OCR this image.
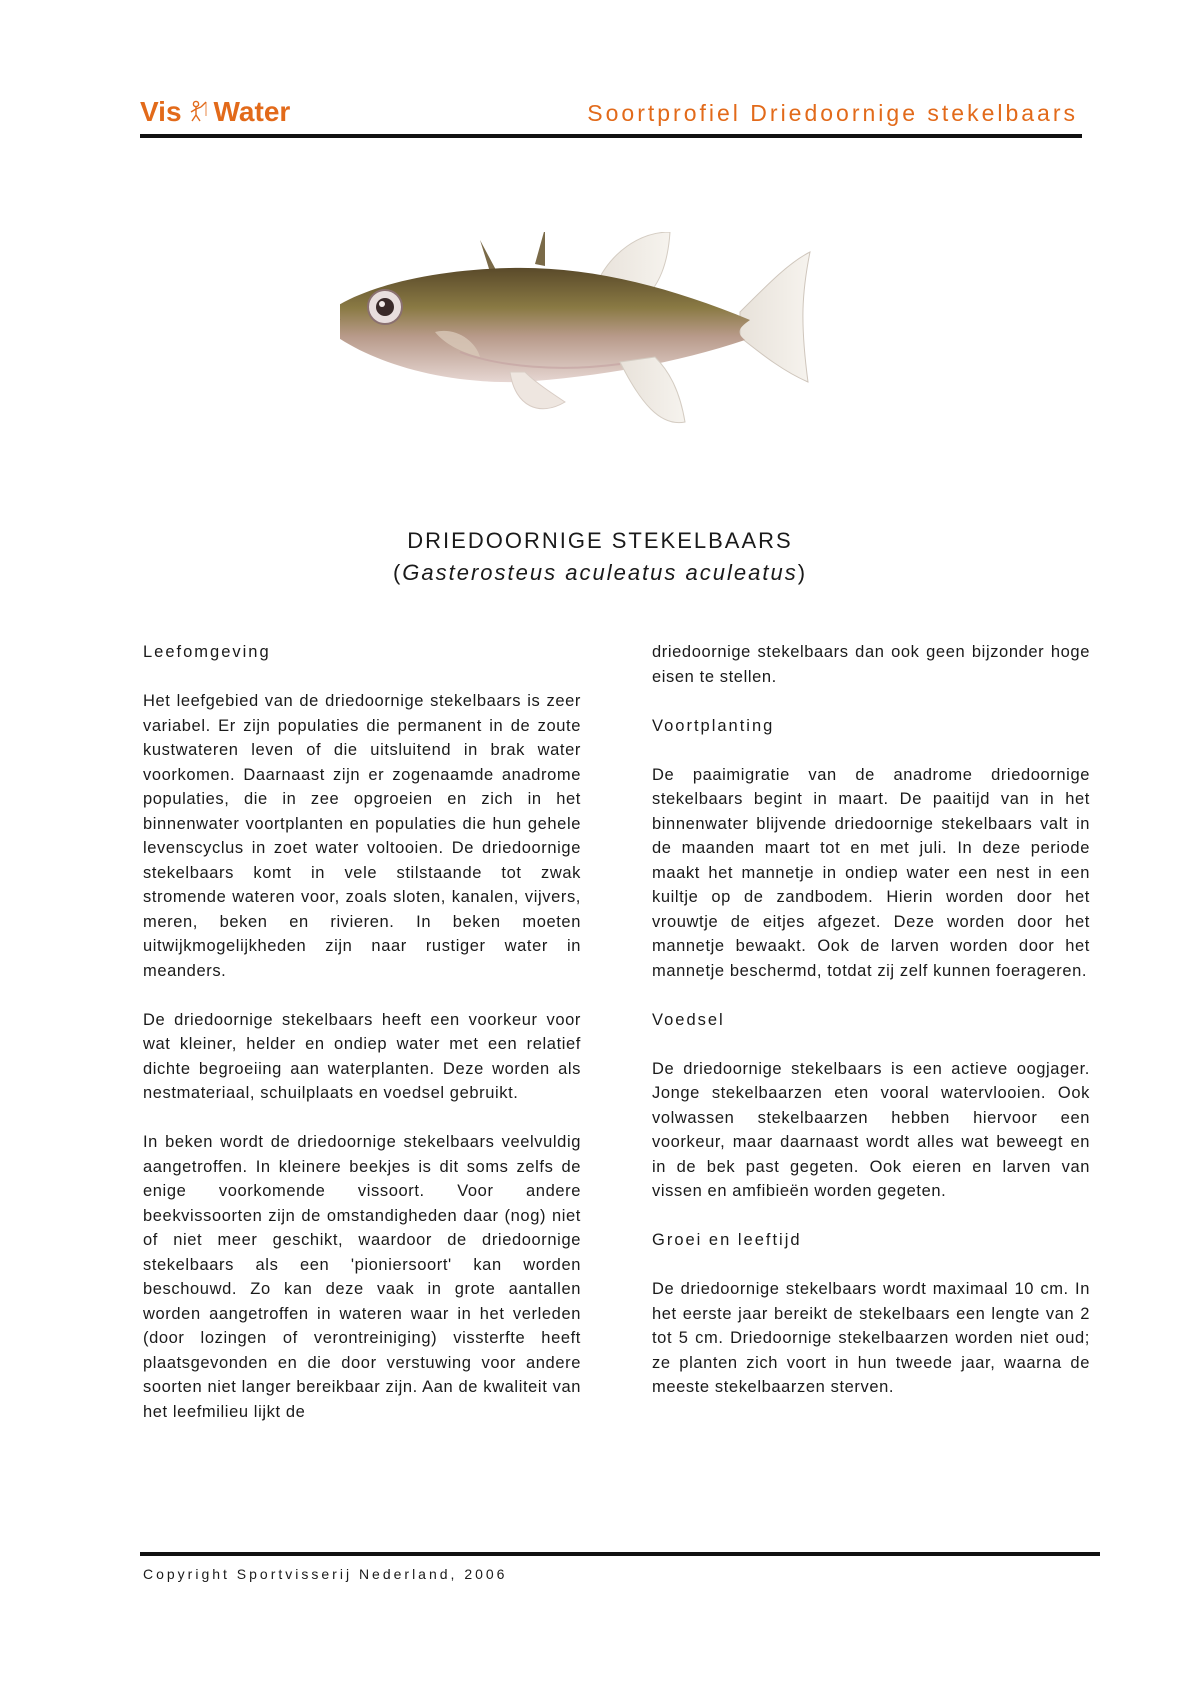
Vis Water	Soortprofiel Driedoornige stekelbaars
DRIEDOORNIGE STEKELBAARS
(Gasterosteus aculeatus aculeatus)
Leefomgeving

Het leefgebied van de driedoornige stekelbaars is zeer variabel. Er zijn populaties die permanent in de zoute kustwateren leven of die uitsluitend in brak water voorkomen. Daarnaast zijn er zogenaamde anadrome populaties, die in zee opgroeien en zich in het binnenwater voortplanten en populaties die hun gehele levenscyclus in zoet water voltooien. De driedoornige stekelbaars komt in vele stilstaande tot zwak stromende wateren voor, zoals sloten, kanalen, vijvers, meren, beken en rivieren. In beken moeten uitwijkmogelijkheden zijn naar rustiger water in meanders.

De driedoornige stekelbaars heeft een voorkeur voor wat kleiner, helder en ondiep water met een relatief dichte begroeiing aan waterplanten. Deze worden als nestmateriaal, schuilplaats en voedsel gebruikt.

In beken wordt de driedoornige stekelbaars veelvuldig aangetroffen. In kleinere beekjes is dit soms zelfs de enige voorkomende vissoort. Voor andere beekvissoorten zijn de omstandigheden daar (nog) niet of niet meer geschikt, waardoor de driedoornige stekelbaars als een 'pioniersoort' kan worden beschouwd. Zo kan deze vaak in grote aantallen worden aangetroffen in wateren waar in het verleden (door lozingen of verontreiniging) vissterfte heeft plaatsgevonden en die door verstuwing voor andere soorten niet langer bereikbaar zijn. Aan de kwaliteit van het leefmilieu lijkt de

driedoornige stekelbaars dan ook geen bijzonder hoge eisen te stellen.

Voortplanting

De paaimigratie van de anadrome driedoornige stekelbaars begint in maart. De paaitijd van in het binnenwater blijvende driedoornige stekelbaars valt in de maanden maart tot en met juli. In deze periode maakt het mannetje in ondiep water een nest in een kuiltje op de zandbodem. Hierin worden door het vrouwtje de eitjes afgezet. Deze worden door het mannetje bewaakt. Ook de larven worden door het mannetje beschermd, totdat zij zelf kunnen foerageren.

Voedsel

De driedoornige stekelbaars is een actieve oogjager. Jonge stekelbaarzen eten vooral watervlooien. Ook volwassen stekelbaarzen hebben hiervoor een voorkeur, maar daarnaast wordt alles wat beweegt en in de bek past gegeten. Ook eieren en larven van vissen en amfibieën worden gegeten.

Groei en leeftijd

De driedoornige stekelbaars wordt maximaal 10 cm. In het eerste jaar bereikt de stekelbaars een lengte van 2 tot 5 cm. Driedoornige stekelbaarzen worden niet oud; ze planten zich voort in hun tweede jaar, waarna de meeste stekelbaarzen sterven.

Copyright Sportvisserij Nederland, 2006
